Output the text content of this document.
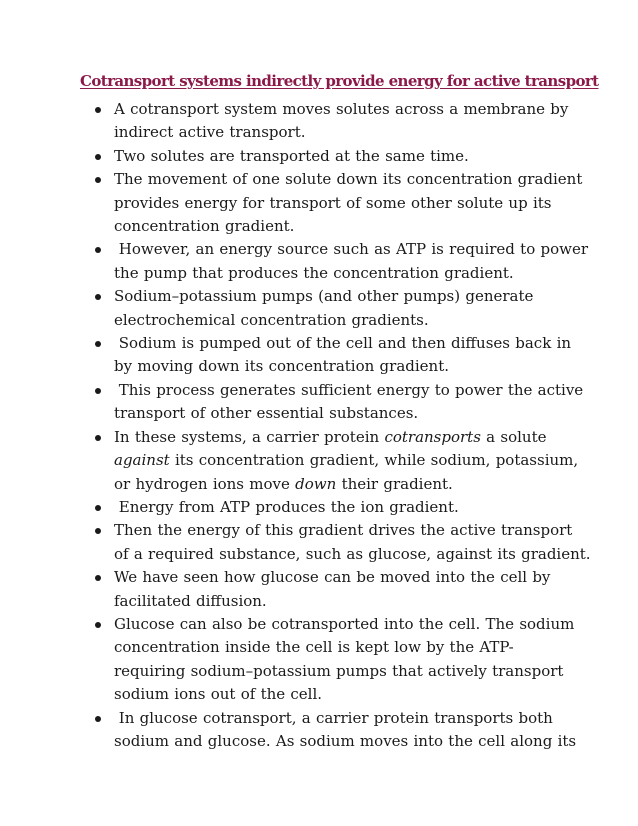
Cotransport systems indirectly provide energy for active transport
A cotransport system moves solutes across a membrane by
indirect active transport.
Two solutes are transported at the same time.
The movement of one solute down its concentration gradient
provides energy for transport of some other solute up its
concentration gradient.
However, an energy source such as ATP is required to power
the pump that produces the concentration gradient.
Sodium–potassium pumps (and other pumps) generate
electrochemical concentration gradients.
Sodium is pumped out of the cell and then diffuses back in
by moving down its concentration gradient.
This process generates sufficient energy to power the active
transport of other essential substances.
In these systems, a carrier protein cotransports a solute
against its concentration gradient, while sodium, potassium,
or hydrogen ions move down their gradient.
Energy from ATP produces the ion gradient.
Then the energy of this gradient drives the active transport
of a required substance, such as glucose, against its gradient.
We have seen how glucose can be moved into the cell by
facilitated diffusion.
Glucose can also be cotransported into the cell. The sodium
concentration inside the cell is kept low by the ATP-
requiring sodium–potassium pumps that actively transport
sodium ions out of the cell.
In glucose cotransport, a carrier protein transports both
sodium and glucose. As sodium moves into the cell along its
